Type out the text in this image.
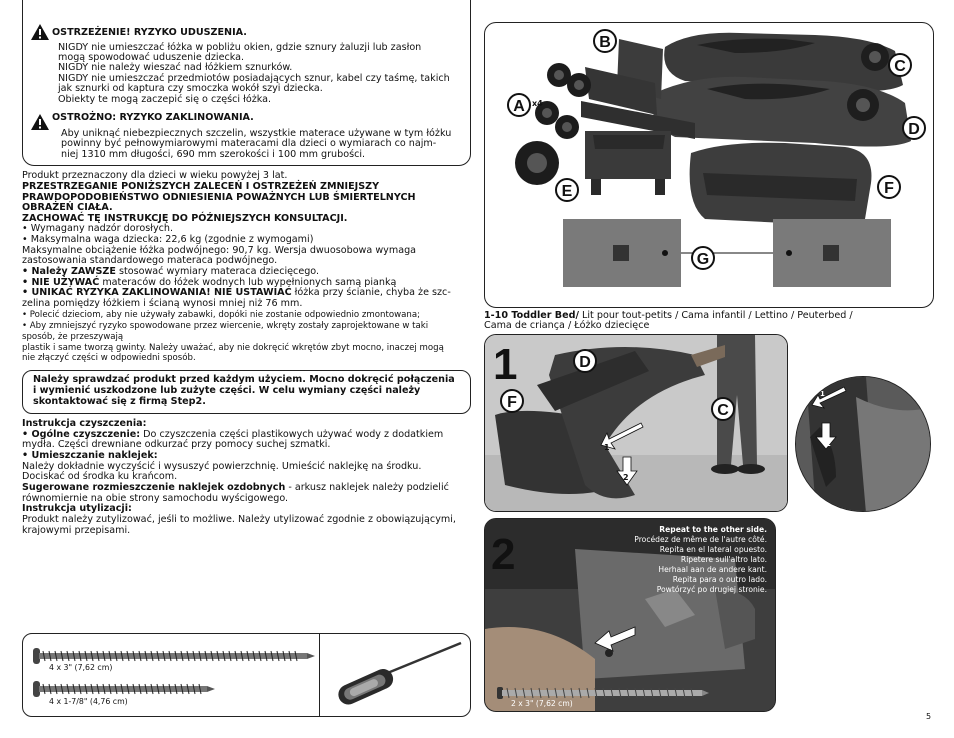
OSTRZEŻENIE! RYZYKO UDUSZENIA.
NIGDY nie umieszczać łóżka w pobliżu okien, gdzie sznury żaluzji lub zasłon
mogą spowodować uduszenie dziecka.
NIGDY nie należy wieszać nad łóżkiem sznurków.
NIGDY nie umieszczać przedmiotów posiadających sznur, kabel czy taśmę, takich
jak sznurki od kaptura czy smoczka wokół szyi dziecka.
Obiekty te mogą zaczepić się o części łóżka.
OSTROŻNO: RYZYKO ZAKLINOWANIA.
Aby uniknąć niebezpiecznych szczelin, wszystkie materace używane w tym łóżku
powinny być pełnowymiarowymi materacami dla dzieci o wymiarach co najm-
niej 1310 mm długości, 690 mm szerokości i 100 mm grubości.
Produkt przeznaczony dla dzieci w wieku powyżej 3 lat.
PRZESTRZEGANIE PONIŻSZYCH ZALECEŃ I OSTRZEŻEŃ ZMNIEJSZY
PRAWDOPODOBIEŃSTWO ODNIESIENIA POWAŻNYCH LUB ŚMIERTELNYCH
OBRAŻEŃ CIAŁA.
ZACHOWAĆ TĘ INSTRUKCJĘ DO PÓŹNIEJSZYCH KONSULTACJI.
• Wymagany nadzór dorosłych.
• Maksymalna waga dziecka: 22,6 kg (zgodnie z wymogami)
Maksymalne obciążenie łóżka podwójnego: 90,7 kg. Wersja dwuosobowa wymaga
zastosowania standardowego materaca podwójnego.
• Należy ZAWSZE stosować wymiary materaca dziecięcego.
• NIE UŻYWAĆ materaców do łóżek wodnych lub wypełnionych samą pianką
• UNIKAĆ RYZYKA ZAKLINOWANIA! NIE USTAWIAĆ łóżka przy ścianie, chyba że szc-
zelina pomiędzy łóżkiem i ścianą wynosi mniej niż 76 mm.
• Polecić dzieciom, aby nie używały zabawki, dopóki nie zostanie odpowiednio zmontowana;
• Aby zmniejszyć ryzyko spowodowane przez wiercenie, wkręty zostały zaprojektowane w taki
sposób, że przeszywają
plastik i same tworzą gwinty. Należy uważać, aby nie dokręcić wkrętów zbyt mocno, inaczej mogą
nie złączyć części w odpowiedni sposób.
Należy sprawdzać produkt przed każdym użyciem. Mocno dokręcić połączenia
i wymienić uszkodzone lub zużyte części. W celu wymiany części należy
skontaktować się z firmą Step2.
Instrukcja czyszczenia:
• Ogólne czyszczenie: Do czyszczenia części plastikowych używać wody z dodatkiem
mydła. Części drewniane odkurzać przy pomocy suchej szmatki.
• Umieszczanie naklejek:
Należy dokładnie wyczyścić i wysuszyć powierzchnię. Umieścić naklejkę na środku.
Dociskać od środka ku krańcom.
Sugerowane rozmieszczenie naklejek ozdobnych - arkusz naklejek należy podzielić
równomiernie na obie strony samochodu wyścigowego.
Instrukcja utylizacji:
Produkt należy zutylizować, jeśli to możliwe. Należy utylizować zgodnie z obowiązującymi,
krajowymi przepisami.
4 x 3" (7,62 cm)
4 x 1-7/8" (4,76 cm)
A x4
B
C
D
E	F
G
1-10 Toddler Bed/ Lit pour tout-petits / Cama infantil / Lettino / Peuterbed /
Cama de criança / Łóżko dziecięce
1	D
F	C
1
2
1
2
2
Repeat to the other side.
Procédez de même de l'autre côté.
Repita en el lateral opuesto.
Ripetere sull'altro lato.
Herhaal aan de andere kant.
Repita para o outro lado.
Powtórzyć po drugiej stronie.
2 x 3" (7,62 cm)
5
